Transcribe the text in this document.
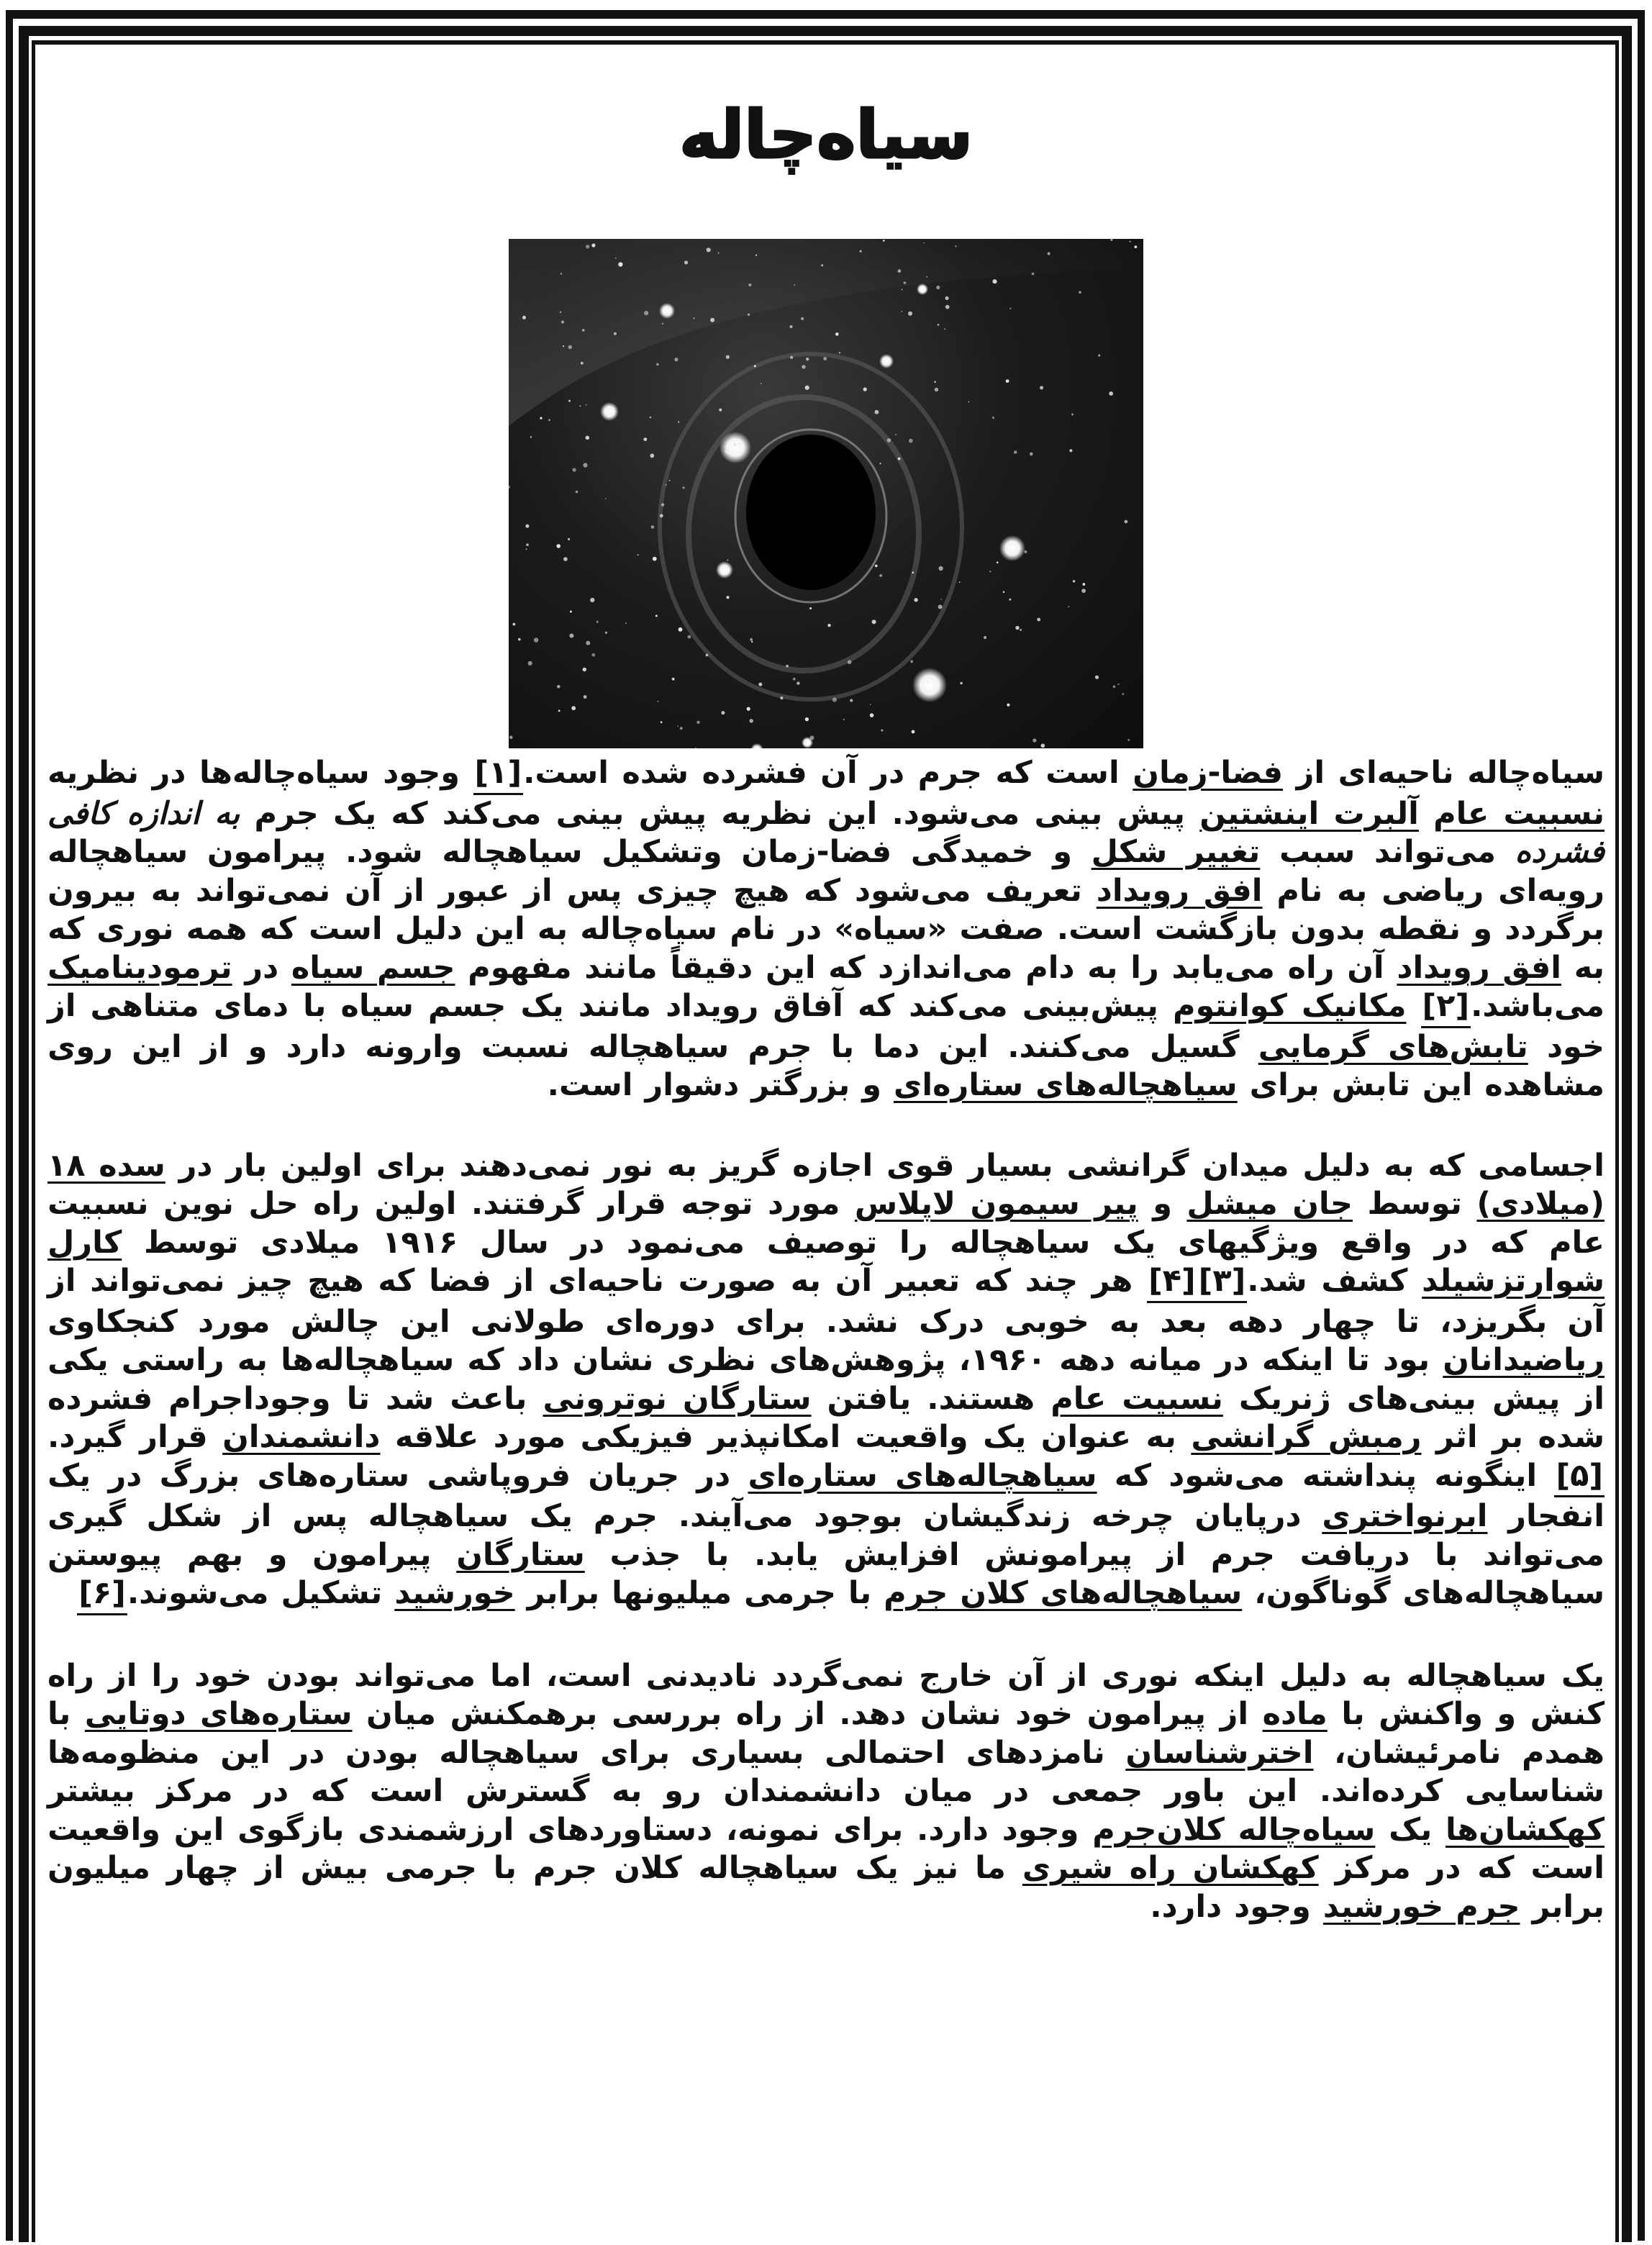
سیاه‌چاله

سیاه‌چاله ناحیه‌ای از فضا-زمان است که جرم در آن فشرده شده است.[۱] وجود سیاه‌چاله‌ها در نظریه نسبیت عام آلبرت اینشتین پیش بینی می‌شود. این نظریه پیش بینی می‌کند که یک جرم به اندازه کافی فشرده می‌تواند سبب تغییر شکل و خمیدگی فضا-زمان وتشکیل سیاهچاله شود. پیرامون سیاهچاله رویه‌ای ریاضی به نام افق رویداد تعریف می‌شود که هیچ چیزی پس از عبور از آن نمی‌تواند به بیرون برگردد و نقطه بدون بازگشت است. صفت «سیاه» در نام سیاه‌چاله به این دلیل است که همه نوری که به افق رویداد آن راه می‌یابد را به دام می‌اندازد که این دقیقاً مانند مفهوم جسم سیاه در ترمودینامیک می‌باشد.[۲] مکانیک کوانتوم پیش‌بینی می‌کند که آفاق رویداد مانند یک جسم سیاه با دمای متناهی از خود تابش‌های گرمایی گسیل می‌کنند. این دما با جرم سیاهچاله نسبت وارونه دارد و از این روی مشاهده این تابش برای سیاهچاله‌های ستاره‌ای و بزرگتر دشوار است.

اجسامی که به دلیل میدان گرانشی بسیار قوی اجازه گریز به نور نمی‌دهند برای اولین بار در سده ۱۸ (میلادی) توسط جان میشل و پیر سیمون لاپلاس مورد توجه قرار گرفتند. اولین راه حل نوین نسبیت عام که در واقع ویژگیهای یک سیاهچاله را توصیف می‌نمود در سال ۱۹۱۶ میلادی توسط کارل شوارتزشیلد کشف شد.[۳][۴] هر چند که تعبیر آن به صورت ناحیه‌ای از فضا که هیچ چیز نمی‌تواند از آن بگریزد، تا چهار دهه بعد به خوبی درک نشد. برای دوره‌ای طولانی این چالش مورد کنجکاوی ریاضیدانان بود تا اینکه در میانه دهه ۱۹۶۰، پژوهش‌های نظری نشان داد که سیاهچاله‌ها به راستی یکی از پیش بینی‌های ژنریک نسبیت عام هستند. یافتن ستارگان نوترونی باعث شد تا وجوداجرام فشرده شده بر اثر رمبش گرانشی به عنوان یک واقعیت امکانپذیر فیزیکی مورد علاقه دانشمندان قرار گیرد.[۵] اینگونه پنداشته می‌شود که سیاهچاله‌های ستاره‌ای در جریان فروپاشی ستاره‌های بزرگ در یک انفجار ابرنواختری درپایان چرخه زندگیشان بوجود می‌آیند. جرم یک سیاهچاله پس از شکل گیری می‌تواند با دریافت جرم از پیرامونش افزایش یابد. با جذب ستارگان پیرامون و بهم پیوستن سیاهچاله‌های گوناگون، سیاهچاله‌های کلان جرم با جرمی میلیونها برابر خورشید تشکیل می‌شوند.[۶]

یک سیاهچاله به دلیل اینکه نوری از آن خارج نمی‌گردد نادیدنی است، اما می‌تواند بودن خود را از راه کنش و واکنش با ماده از پیرامون خود نشان دهد. از راه بررسی برهمکنش میان ستاره‌های دوتایی با همدم نامرئیشان، اخترشناسان نامزدهای احتمالی بسیاری برای سیاهچاله بودن در این منظومه‌ها شناسایی کرده‌اند. این باور جمعی در میان دانشمندان رو به گسترش است که در مرکز بیشتر کهکشان‌ها یک سیاه‌چاله کلان‌جرم وجود دارد. برای نمونه، دستاوردهای ارزشمندی بازگوی این واقعیت است که در مرکز کهکشان راه شیری ما نیز یک سیاهچاله کلان جرم با جرمی بیش از چهار میلیون برابر جرم خورشید وجود دارد.
